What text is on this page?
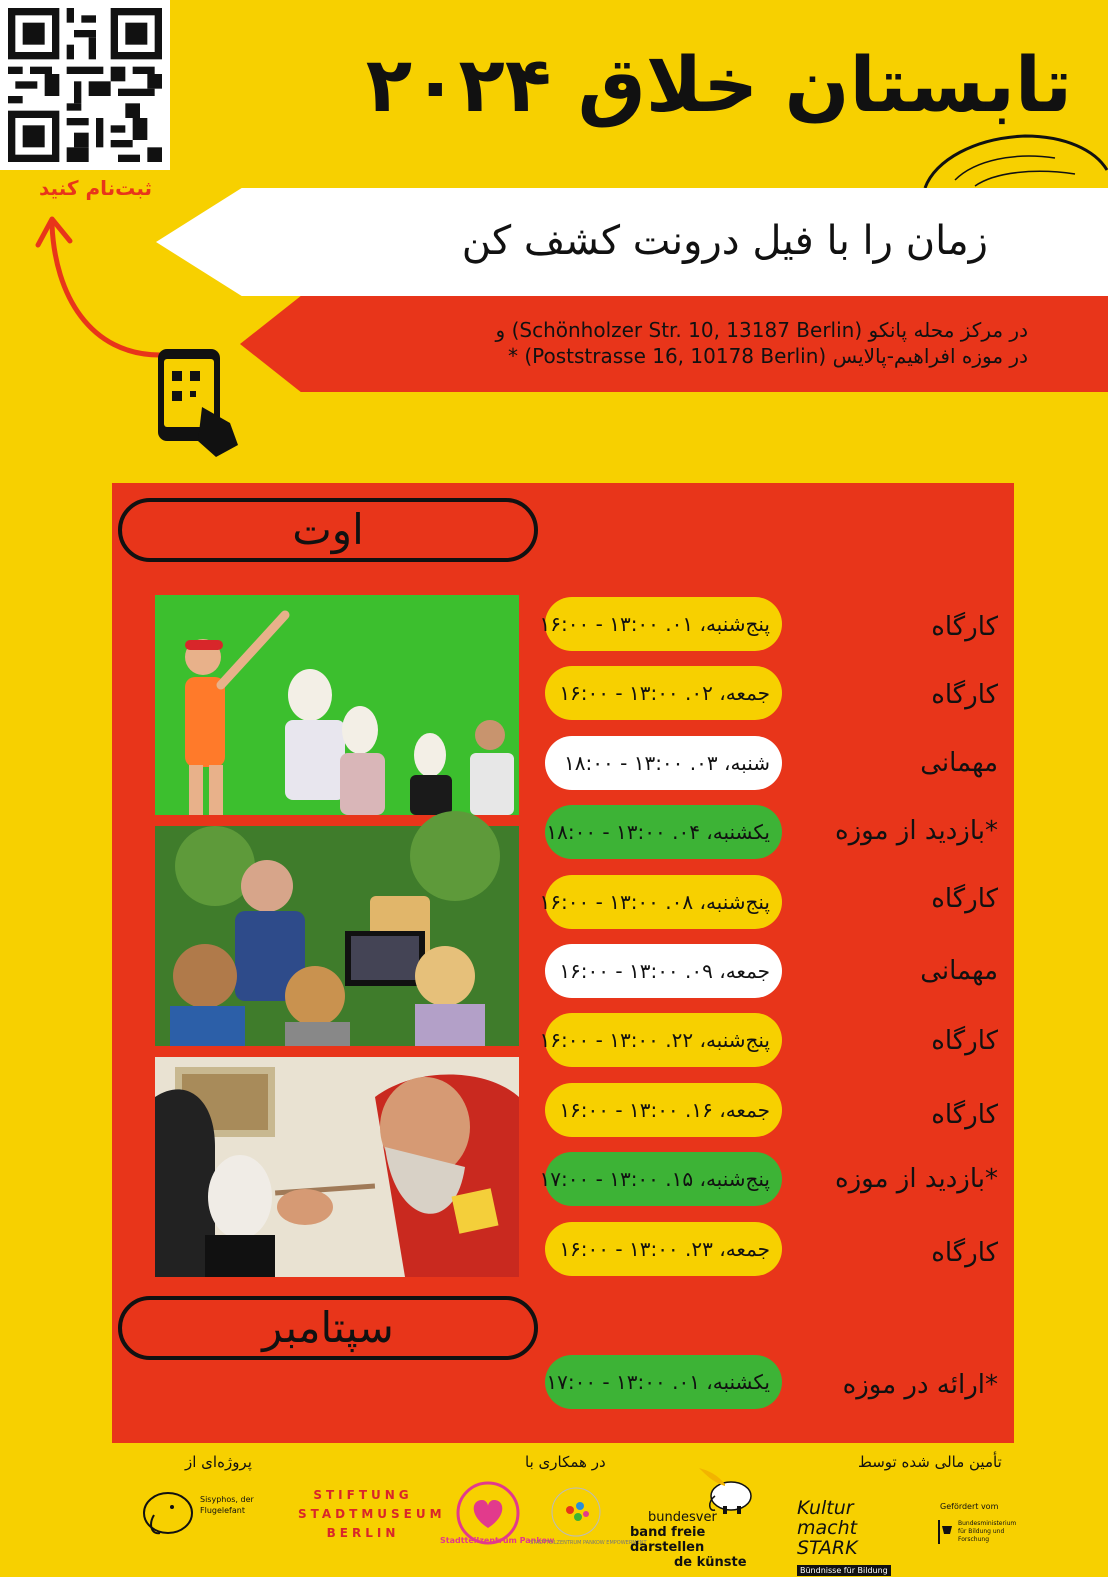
ثبت‌نام کنید
تابستان خلاق ۲۰۲۴
زمان را با فیل درونت کشف کن
در مرکز محله پانکو (Schönholzer Str. 10, 13187 Berlin) و
در موزه افراهیم-پالایس (Poststrasse 16, 10178 Berlin) *
اوت
سپتامبر
کارگاه
پنج‌شنبه، ۰۱. ۱۳:۰۰ - ۱۶:۰۰
کارگاه
جمعه، ۰۲. ۱۳:۰۰ - ۱۶:۰۰
مهمانی
شنبه، ۰۳. ۱۳:۰۰ - ۱۸:۰۰
*بازدید از موزه
یکشنبه، ۰۴. ۱۳:۰۰ - ۱۸:۰۰
کارگاه
پنج‌شنبه، ۰۸. ۱۳:۰۰ - ۱۶:۰۰
مهمانی
جمعه، ۰۹. ۱۳:۰۰ - ۱۶:۰۰
کارگاه
پنج‌شنبه، ۲۲. ۱۳:۰۰ - ۱۶:۰۰
کارگاه
جمعه، ۱۶. ۱۳:۰۰ - ۱۶:۰۰
*بازدید از موزه
پنج‌شنبه، ۱۵. ۱۳:۰۰ - ۱۷:۰۰
کارگاه
جمعه، ۲۳. ۱۳:۰۰ - ۱۶:۰۰
*ارائه در موزه
یکشنبه، ۰۱. ۱۳:۰۰ - ۱۷:۰۰
پروژه‌ای از	در همکاری با	تأمین مالی شده توسط
Sisyphos, der Flugelefant
STIFTUNG
STADTMUSEUM
BERLIN
Stadtteilzentrum Pankow
STADTTEILZENTRUM PANKOW EMPOWERMENT
bundesver
band freie darstellen
de künste
Kultur
macht STARK
Bündnisse für Bildung
Gefördert vom
Bundesministerium für Bildung und Forschung
